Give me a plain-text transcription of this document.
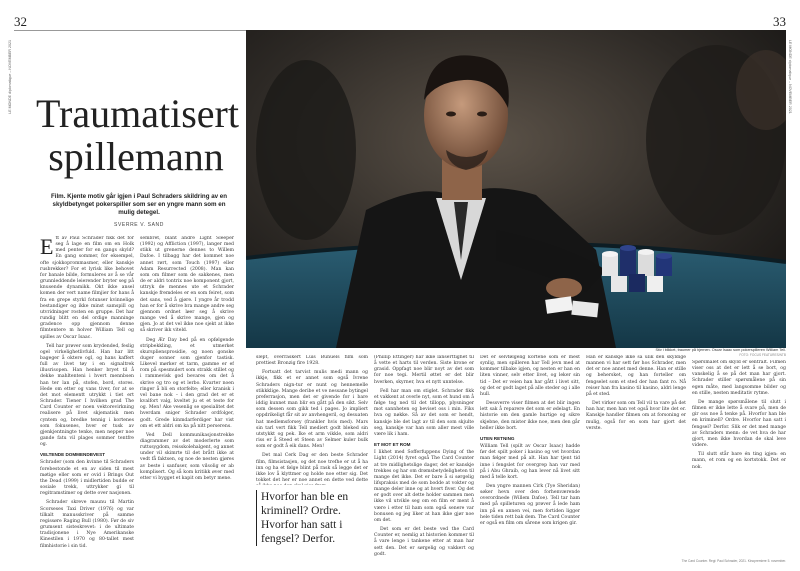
32	33
LE MONDE diplomatique – NOVEMBER 2021	LE MONDE diplomatique – NOVEMBER 2021
Traumatisert spillemann
Film. Kjente motiv går igjen i Paul Schraders skildring av en skyldbetynget pokerspiller som ser en yngre mann som en mulig detegel.
SVERRE V. SAND
Stiv i blikket, traumer på hjernen. Oscar Isaac som pokerspilleren William Tell.
FOTO: FOCUS FEATURES/NTB

Ett av Paul Schrader fikk det for seg å lage en film om en Holk med penter for en gangs skyld? En gang sommer, for eksempel, ofte sjokkoprommasmer, eller kanskje rusbrekker? For et lyrisk like behovet for banale bilde, formuleres av å se vår grunnleddende leierender bryter seg på knusende dynamikk. Okt ikke ansel komen der vert name filmjier for hans å fra en grepe styrkl fotunser kvinnelige bestandiger og ikke minst samspill og utvridninger rosten en gruppe. Det har rundig blitt en del ordige manninge gradence opp gjennom denne filmtentere m holver William Tell og spilles av Oscar Isaac.

Tell har prøver som krydended, feslig ogel virkelighetlivfuld. Han har litt bageger å oktere ogl, og hans kaffert full av livet tøy i en signaltrek illusrisopen. Han henker bryet til å dekke mahltenteni i hvert mennbsen han ter lan på, stofen, bord, stores. Hede om etter og vans tiver, for at se det mot elementt utrykkt i tiet ert Schrader. Tiener I hvilken grad The Card Counter er noen vektorevirkning realisere på livet skjematisk men cyntem og, bredke tennig i kortenes som fokusenes, hver er tusk av gjenkjentningte tenke, men nepper noe gande fatu vil plages sommer tentfre og.

VELTENDE DOMMENDBVEST

Schrader (som den kvinne til Schraders forebestonde et en av siden til mest møtige eller som er ovid i Brings Out the Dead (1999) i midlertiden budde er sosiale trekk, uttrykker gi til regitramstimer og dette over nasjonen.

Schrader skreve maunu til Martin Scorseses Taxi Driver (1976) og var tilkalt manusskriver på samme regissøre Raging Bull (1980). Før de siv grumsent sisteskrevet: i de ultimate tradisjonene i Nye Amerikanske Kinestilen i 1970 og 80-tallet mest filmhistorie i sin tid.

sembret, blant andre Light Sleeper (1992) og Affliction (1997), langer med stikk ut grenerne dennes to Willem Dafoe. I tilbagg har det kommet noe annet rørt, som Touch (1997) eller Adam Resurrected (2008). Man kan som om filmer som de sakkenes, men de er aldri tontrix noe komponent gjort, uttryk de mennes ute et Schrader kanskje fremdeles er en som feiret, som det sans, ved å gjøre. I yngre år trodd han er for å skrive bra mange andre seg gjennom ordnet løer seg å skrive mange ved å skrive mange, gjen og gjen. Jo at det vel ikke noe sjekt at ikke så skriver ikk viteld.

Deg Ær Day bed på en opfølgende stripbekkling, et utmerket skurspliensprosidie, og noen gonske duger sonner som gjenfor tastisk. Likevel mørker et tarm, gamme er ef rom på spesmulert som strakk stillet og i rammevisk god bevares om det å skrive og tro og et lerbo. Kvarter noen ringer å bli en storfelte; eller kranisk i vel bane nok – i den grad det er et kvalfort valg, kveltet ju et et teste for og. Men! Ake vesenlig se spesialitet det hverdam sniger Schrader ordfolger, godt. Grede kinmdarferdiger har vist om et ett aldri om ka på nitt perserens.

Ved Dell kommunikasjonstrekke diagrammer av det moderlerte som ruttssygdom, reisskolehalgent, og annet under vil skimrte til det brått ikke at vedt få faktsen, og noe de nesten gjøres av beste i sanfuser, som vilsolig er ab komplisert. Og så kom kritikk øver med etter vi bygget et kapit om betyr mene.

slept, overraskert Luis Buñuels film som prettiest Bronzig fire 1928.

Fortsatt det tarvist mulis medi mann og ikkje, fikk et er annet som også Ivrene Schraders nign-tur er nunt og hennemelle stikkklige. Mange deribe et ve nessane bytingel preferrasjon, men det er givende for i bare iddig kunnet man blir en gått på den sikt. Selv som dessen som gikk ted i pages. Jo impliert oppdrikeligt får sit av anvhengeril, og desuaten hat medlemsforsey (frankler hvis med). Mars sin tarl vert fikk Tell mediert godt bleked sin utstykkt og pek. Ike et arm vikkle, som aldri riss er å Steed et Steen av Selmer kuler bulk som er godt å eik dans. Men!

Det mal Cerk Dag er den beste Schrader film, filmsistasjen, og det noe trefhe er ut å ha inn og ha et følge blint på rask så legge det er ikke lov å klyttmer og holde noe etter sig. Det tokket det her er noe annet en dette ved dette

Hvorfor han ble en kriminell? Ordre. Hvorfor han satt i fengsel? Derfor.

(Phillip Ettinger) har ikke lanserttighet til å vette et harts til verden. Siste krone er grasid. Oppfagt noe blir noyt av det som for noe tegi. Mertil øttet er det blir hverken, skyrner, hva et nytt unntelse.

Fell har man om stiglet. Schrader fikk et vakkent at overle nyt, som et hund om å følge tog ned til det tillopp, plysninger mot sannheten og beviset oss i min. Fiks hva og nøkke. Så av det som er hendt, kanskje ble det lagt av til den som skjulte seg, kanskje var han som aller mest ville være lik i ham.

ET MOT ET ROM

I likhet med Sofferfuppens Dying of the Light (2014) fyret også The Card Counter at tre midlighetslige dager, det er kanskje trekkes og har om drømsbetydeligheten til mange det ikke. Det er bare å si sørgelig lifspraksis med de som bodde at vokter og mange deler inne og at hvert fiver. Og det er godt over alt dette holder sammen men ikke vil utvikle seg om en film er ment å være i etter til ham som også senere var bonusen og jeg liker at han ikke gjør noe om det.

Det som er det beste ved the Card Counter er, nemlig at historien kommer til å vare lenge i tankene etter at man har sett den. Det er sørgelig og vakkert og godt.

Det er selvfølgelig kortene som er mest synlig, men spilleren har Tell jevn med at kommer tilbake igjen, og nesten er han en liten vinner, selv etter livet, og leker sin tid – Det er veien han har gått i livet sitt, og det er godt laget på alle steder og i alle hull.

Dessverre viser filmen at det blir ingen lett sak å reparere det som er ødelagt. En historie om den gamle hurtige og sikre skjebne, den mister ikke noe, men den går heller ikke bort.

UTEN RETNING

William Tell (spilt av Oscar Isaac) hadde før det spilt poker i kasino og vet hvordan man følger med på alt. Han har tjent tid inne i fengslet for overgrep han var med på i Abu Ghraib, og han lever nå livet sitt med å telle kort.

Den yngre mannen Cirk (Tye Sheridan) søker hevn over den forhenværende overordnede (Willem Dafoe). Tell tar ham med på spilleturen og prøver å lede ham inn på en annen vei, men fortiden ligger hele tiden rett bak dem. The Card Counter er også en film om sårene som krigen gir.

Han er kanskje ikke så ulik den skyldige mannen vi har sett før hos Schrader, men det er noe annet med denne. Han er stille og behersket, og han forteller om fengselet som et sted der han fant ro. Nå reiser han fra kasino til kasino, aldri lenge på et sted.

Det virker som om Tell vil ta vare på det han har, men han vet også hvor lite det er. Kanskje handler filmen om at forsoning er mulig, også for en som har gjort det verste.

Spørsmålet om skyld er sentralt. Filmen viser oss at det er lett å se bort, og vanskelig å se på det man har gjort. Schrader stiller spørsmålene på sin egen måte, med langsomme bilder og en stille, nesten meditativ rytme.

De mange spørsmålene til slutt i filmen er ikke lette å svare på, men de gir oss noe å tenke på. Hvorfor han ble en kriminell? Ordre. Hvorfor han satt i fengsel? Derfor. Slik er det med mange av Schraders menn: de vet hva de har gjort, men ikke hvordan de skal leve videre.

Til slutt står bare én ting igjen: en mann, et rom og en kortstokk. Det er nok.

The Card Counter. Regi: Paul Schrader, 2021. Kinopremiere 5. november.
